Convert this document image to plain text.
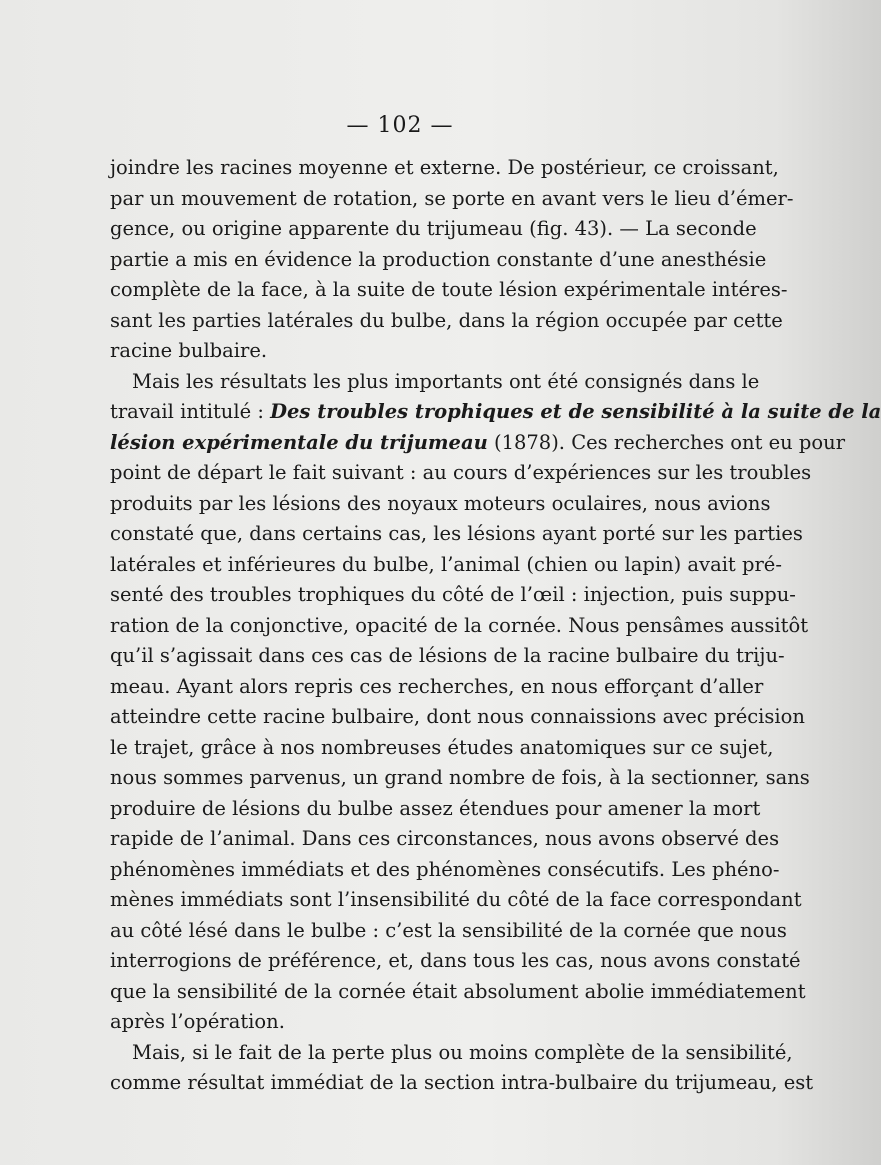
— 102 —
joindre les racines moyenne et externe. De postérieur, ce croissant,
par un mouvement de rotation, se porte en avant vers le lieu d’émer-
gence, ou origine apparente du trijumeau (fig. 43). — La seconde
partie a mis en évidence la production constante d’une anesthésie
complète de la face, à la suite de toute lésion expérimentale intéres-
sant les parties latérales du bulbe, dans la région occupée par cette
racine bulbaire.
Mais les résultats les plus importants ont été consignés dans le
travail intitulé : Des troubles trophiques et de sensibilité à la suite de la
lésion expérimentale du trijumeau (1878). Ces recherches ont eu pour
point de départ le fait suivant : au cours d’expériences sur les troubles
produits par les lésions des noyaux moteurs oculaires, nous avions
constaté que, dans certains cas, les lésions ayant porté sur les parties
latérales et inférieures du bulbe, l’animal (chien ou lapin) avait pré-
senté des troubles trophiques du côté de l’œil : injection, puis suppu-
ration de la conjonctive, opacité de la cornée. Nous pensâmes aussitôt
qu’il s’agissait dans ces cas de lésions de la racine bulbaire du triju-
meau. Ayant alors repris ces recherches, en nous efforçant d’aller
atteindre cette racine bulbaire, dont nous connaissions avec précision
le trajet, grâce à nos nombreuses études anatomiques sur ce sujet,
nous sommes parvenus, un grand nombre de fois, à la sectionner, sans
produire de lésions du bulbe assez étendues pour amener la mort
rapide de l’animal. Dans ces circonstances, nous avons observé des
phénomènes immédiats et des phénomènes consécutifs. Les phéno-
mènes immédiats sont l’insensibilité du côté de la face correspondant
au côté lésé dans le bulbe : c’est la sensibilité de la cornée que nous
interrogions de préférence, et, dans tous les cas, nous avons constaté
que la sensibilité de la cornée était absolument abolie immédiatement
après l’opération.
Mais, si le fait de la perte plus ou moins complète de la sensibilité,
comme résultat immédiat de la section intra-bulbaire du trijumeau, est
